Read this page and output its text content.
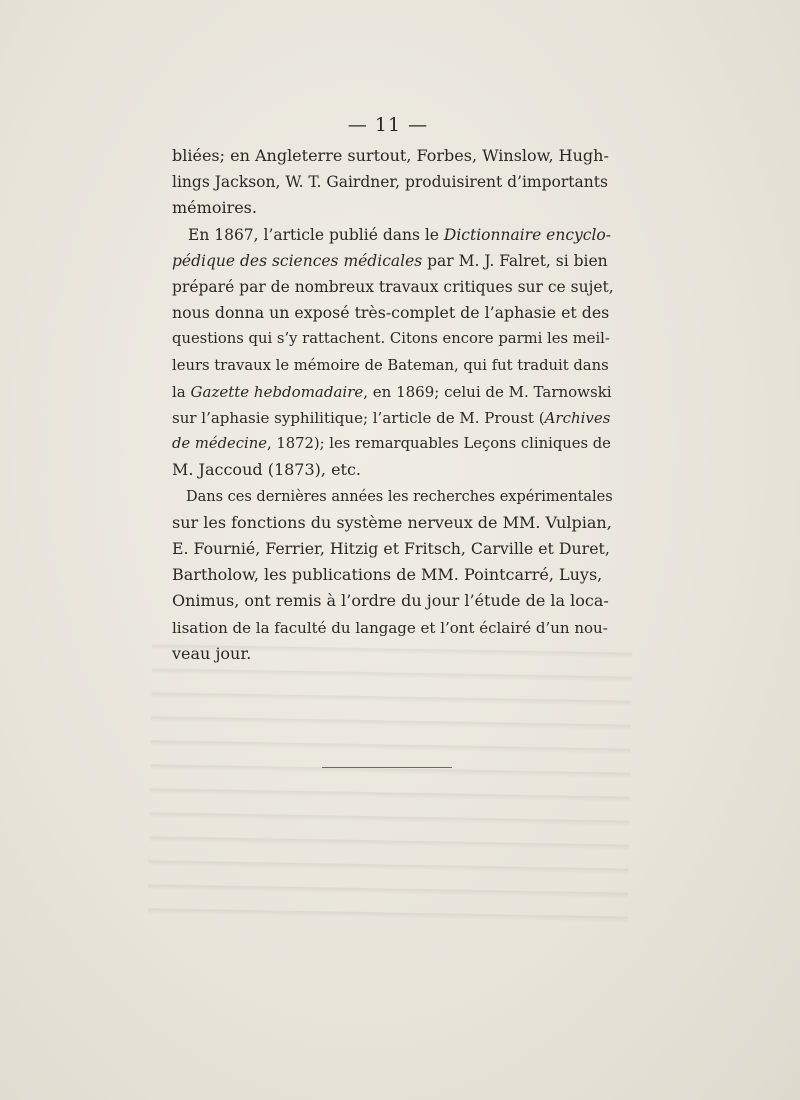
— 11 —
bliées; en Angleterre surtout, Forbes, Winslow, Hugh-
lings Jackson, W. T. Gairdner, produisirent d’importants
mémoires.
En 1867, l’article publié dans le Dictionnaire encyclo-
pédique des sciences médicales par M. J. Falret, si bien
préparé par de nombreux travaux critiques sur ce sujet,
nous donna un exposé très-complet de l’aphasie et des
questions qui s’y rattachent. Citons encore parmi les meil-
leurs travaux le mémoire de Bateman, qui fut traduit dans
la Gazette hebdomadaire, en 1869; celui de M. Tarnowski
sur l’aphasie syphilitique; l’article de M. Proust (Archives
de médecine, 1872); les remarquables Leçons cliniques de
M. Jaccoud (1873), etc.
Dans ces dernières années les recherches expérimentales
sur les fonctions du système nerveux de MM. Vulpian,
E. Fournié, Ferrier, Hitzig et Fritsch, Carville et Duret,
Bartholow, les publications de MM. Pointcarré, Luys,
Onimus, ont remis à l’ordre du jour l’étude de la loca-
lisation de la faculté du langage et l’ont éclairé d’un nou-
veau jour.
